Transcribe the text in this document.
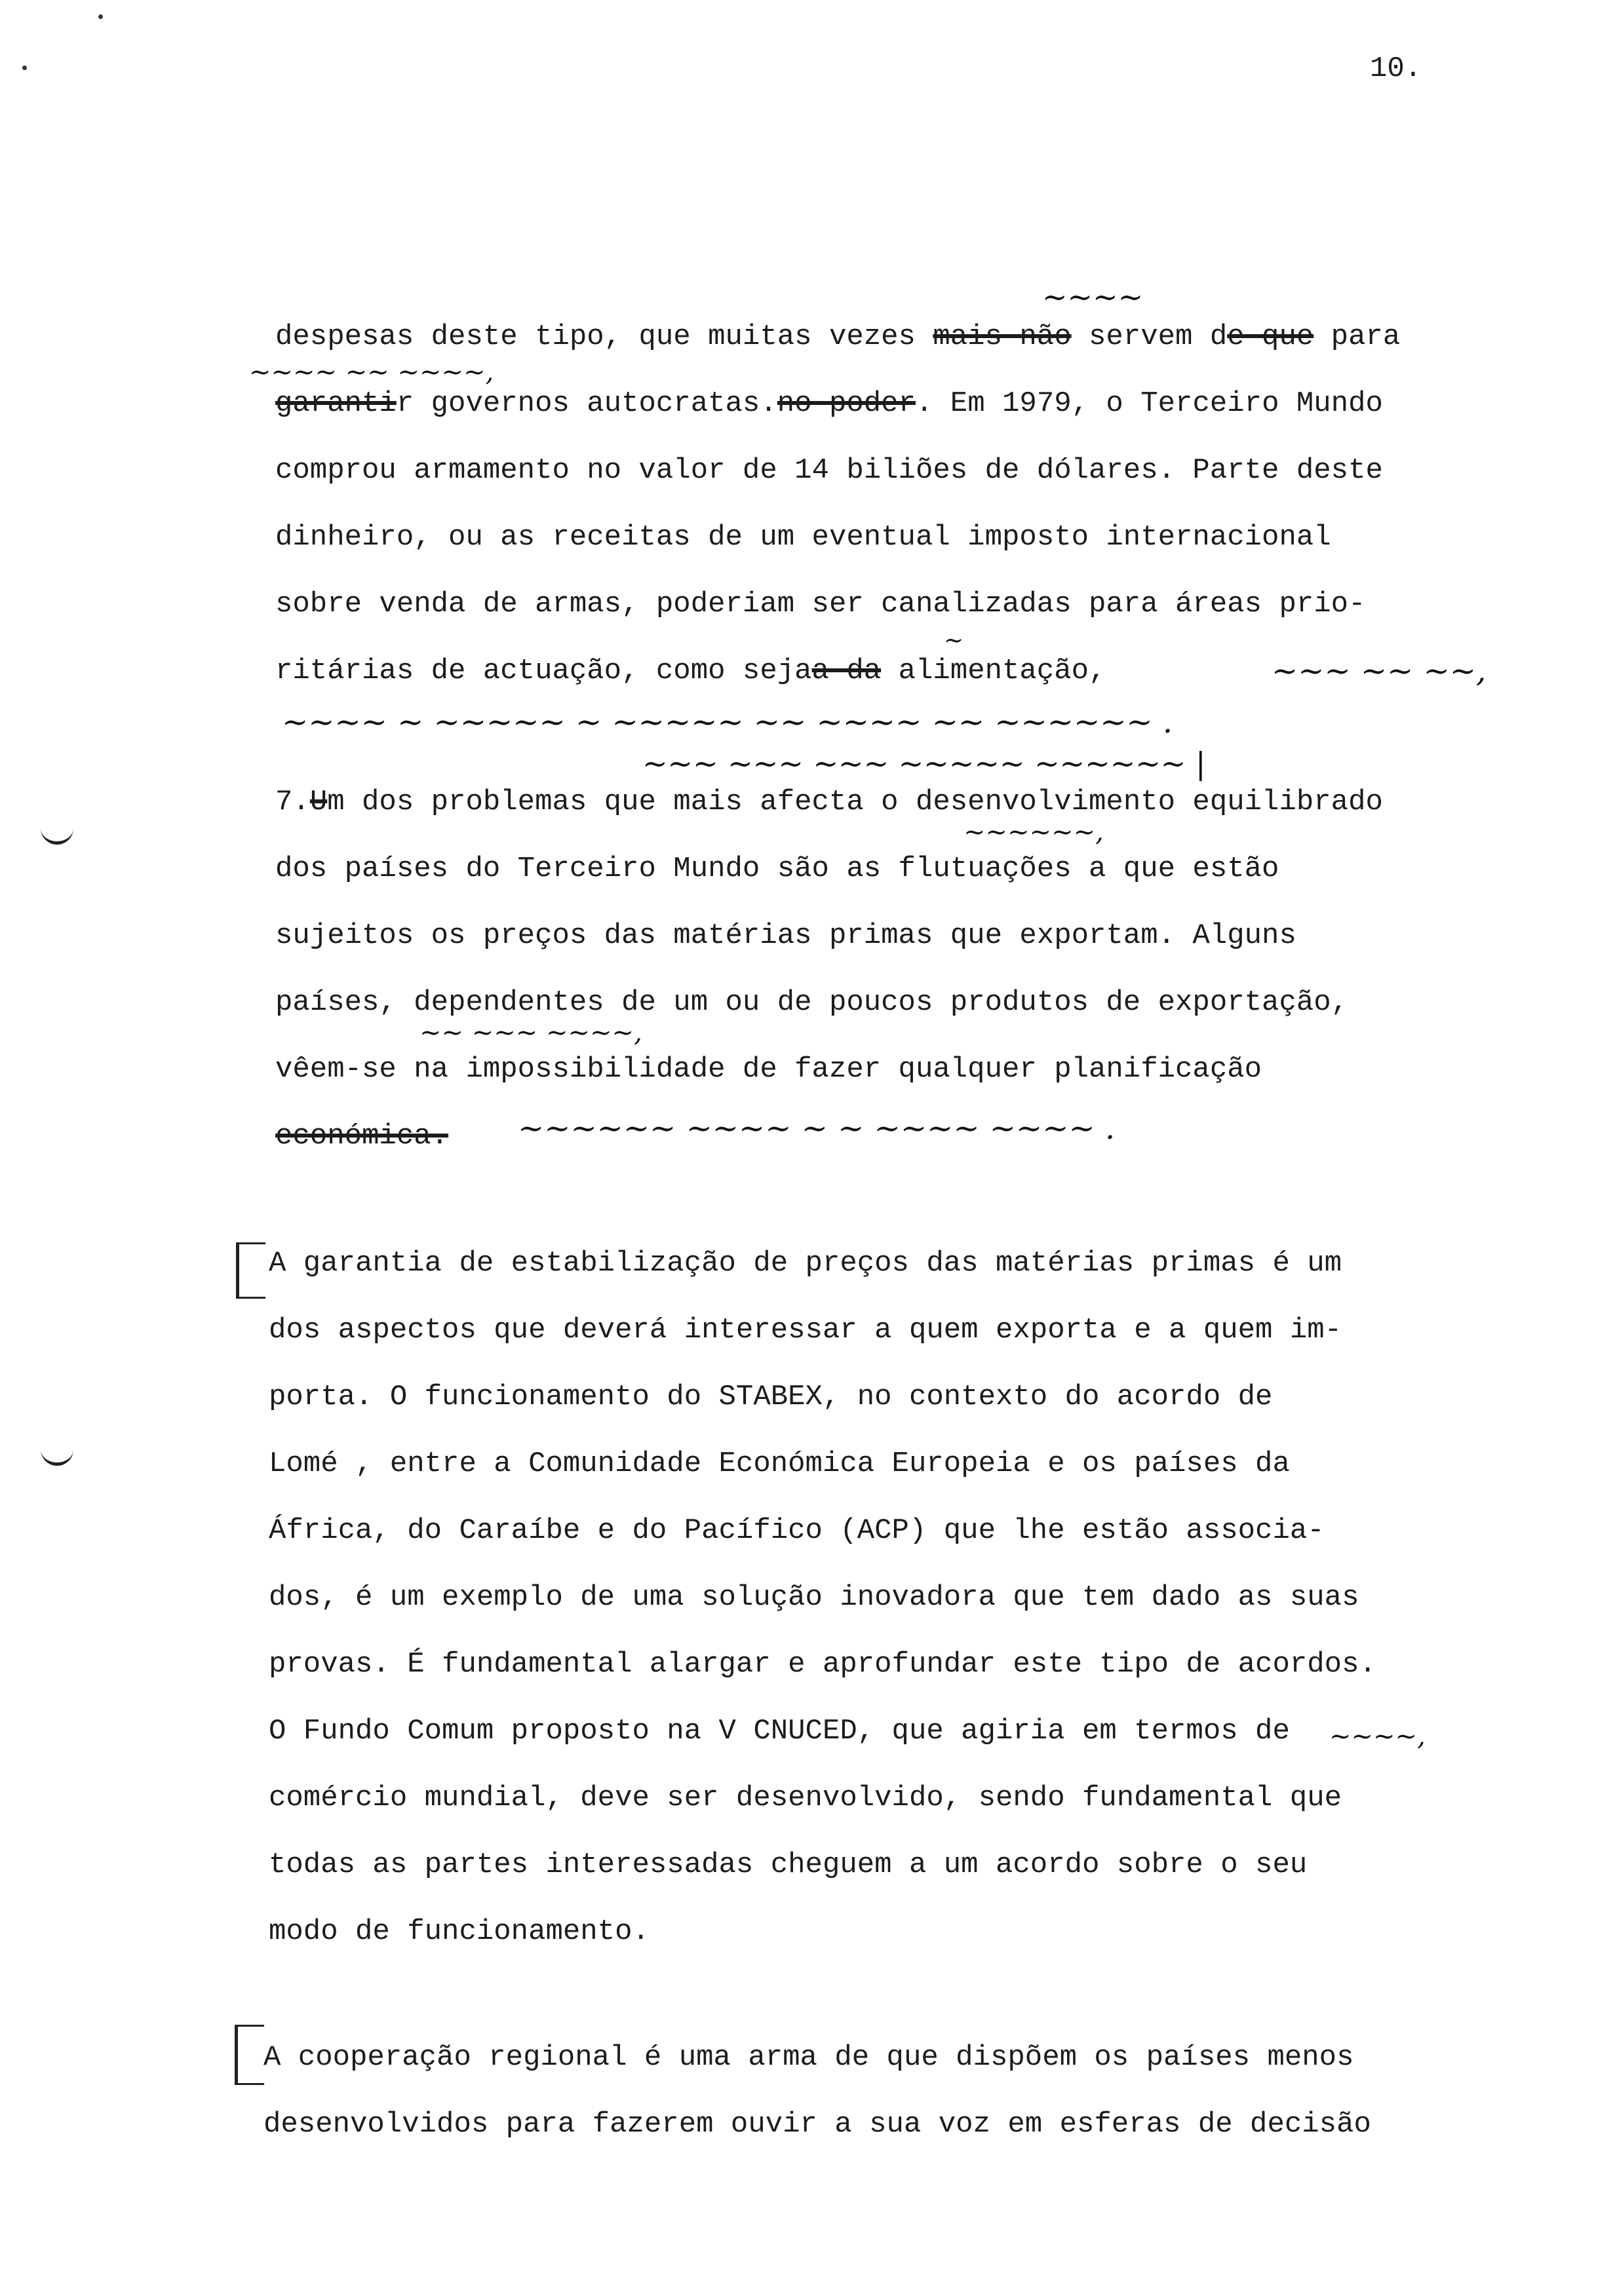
10.
~~~~
despesas deste tipo, que muitas vezes mais não servem de que para
~~~~ ~~ ~~~~,
garantir governos autocratas.no poder. Em 1979, o Terceiro Mundo
comprou armamento no valor de 14 biliões de dólares. Parte deste
dinheiro, ou as receitas de um eventual imposto internacional
sobre venda de armas, poderiam ser canalizadas para áreas prio-
ritárias de actuação, como sejaa da alimentação,
~
~~~ ~~ ~~,
~~~~ ~ ~~~~~ ~ ~~~~~ ~~ ~~~~ ~~ ~~~~~~ .
~~~ ~~~ ~~~ ~~~~~ ~~~~~~ |
7.Um dos problemas que mais afecta o desenvolvimento equilibrado
~~~~~~,
dos países do Terceiro Mundo são as flutuações a que estão
sujeitos os preços das matérias primas que exportam. Alguns
países, dependentes de um ou de poucos produtos de exportação,
~~ ~~~ ~~~~,
vêem-se na impossibilidade de fazer qualquer planificação
económica. ~~~~~~ ~~~~ ~ ~ ~~~~ ~~~~ .
A garantia de estabilização de preços das matérias primas é um
dos aspectos que deverá interessar a quem exporta e a quem im-
porta. O funcionamento do STABEX, no contexto do acordo de
Lomé , entre a Comunidade Económica Europeia e os países da
África, do Caraíbe e do Pacífico (ACP) que lhe estão associa-
dos, é um exemplo de uma solução inovadora que tem dado as suas
provas. É fundamental alargar e aprofundar este tipo de acordos.
O Fundo Comum proposto na V CNUCED, que agiria em termos de
comércio mundial, deve ser desenvolvido, sendo fundamental que
todas as partes interessadas cheguem a um acordo sobre o seu
modo de funcionamento.
A cooperação regional é uma arma de que dispõem os países menos
desenvolvidos para fazerem ouvir a sua voz em esferas de decisão
~~~~,
